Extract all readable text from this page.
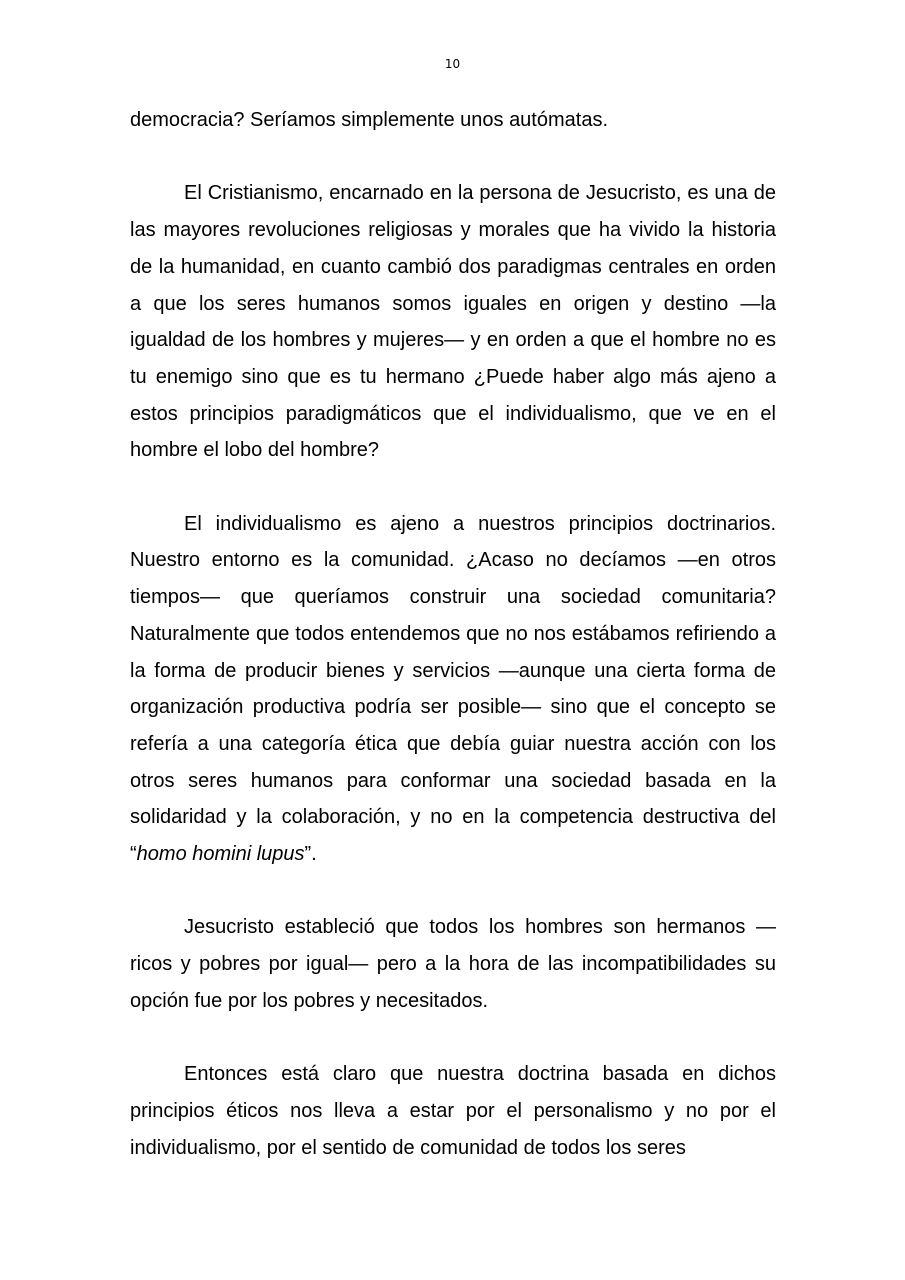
10

democracia? Seríamos simplemente unos autómatas.

El Cristianismo, encarnado en la persona de Jesucristo, es una de las mayores revoluciones religiosas y morales que ha vivido la historia de la humanidad, en cuanto cambió dos paradigmas centrales en orden a que los seres humanos somos iguales en origen y destino —la igualdad de los hombres y mujeres— y en orden a que el hombre no es tu enemigo sino que es tu hermano ¿Puede haber algo más ajeno a estos principios paradigmáticos que el individualismo, que ve en el hombre el lobo del hombre?

El individualismo es ajeno a nuestros principios doctrinarios. Nuestro entorno es la comunidad. ¿Acaso no decíamos —en otros tiempos— que queríamos construir una sociedad comunitaria? Naturalmente que todos entendemos que no nos estábamos refiriendo a la forma de producir bienes y servicios —aunque una cierta forma de organización productiva podría ser posible— sino que el concepto se refería a una categoría ética que debía guiar nuestra acción con los otros seres humanos para conformar una sociedad basada en la solidaridad y la colaboración, y no en la competencia destructiva del “homo homini lupus”.

Jesucristo estableció que todos los hombres son hermanos —ricos y pobres por igual— pero a la hora de las incompatibilidades su opción fue por los pobres y necesitados.

Entonces está claro que nuestra doctrina basada en dichos principios éticos nos lleva a estar por el personalismo y no por el individualismo, por el sentido de comunidad de todos los seres
